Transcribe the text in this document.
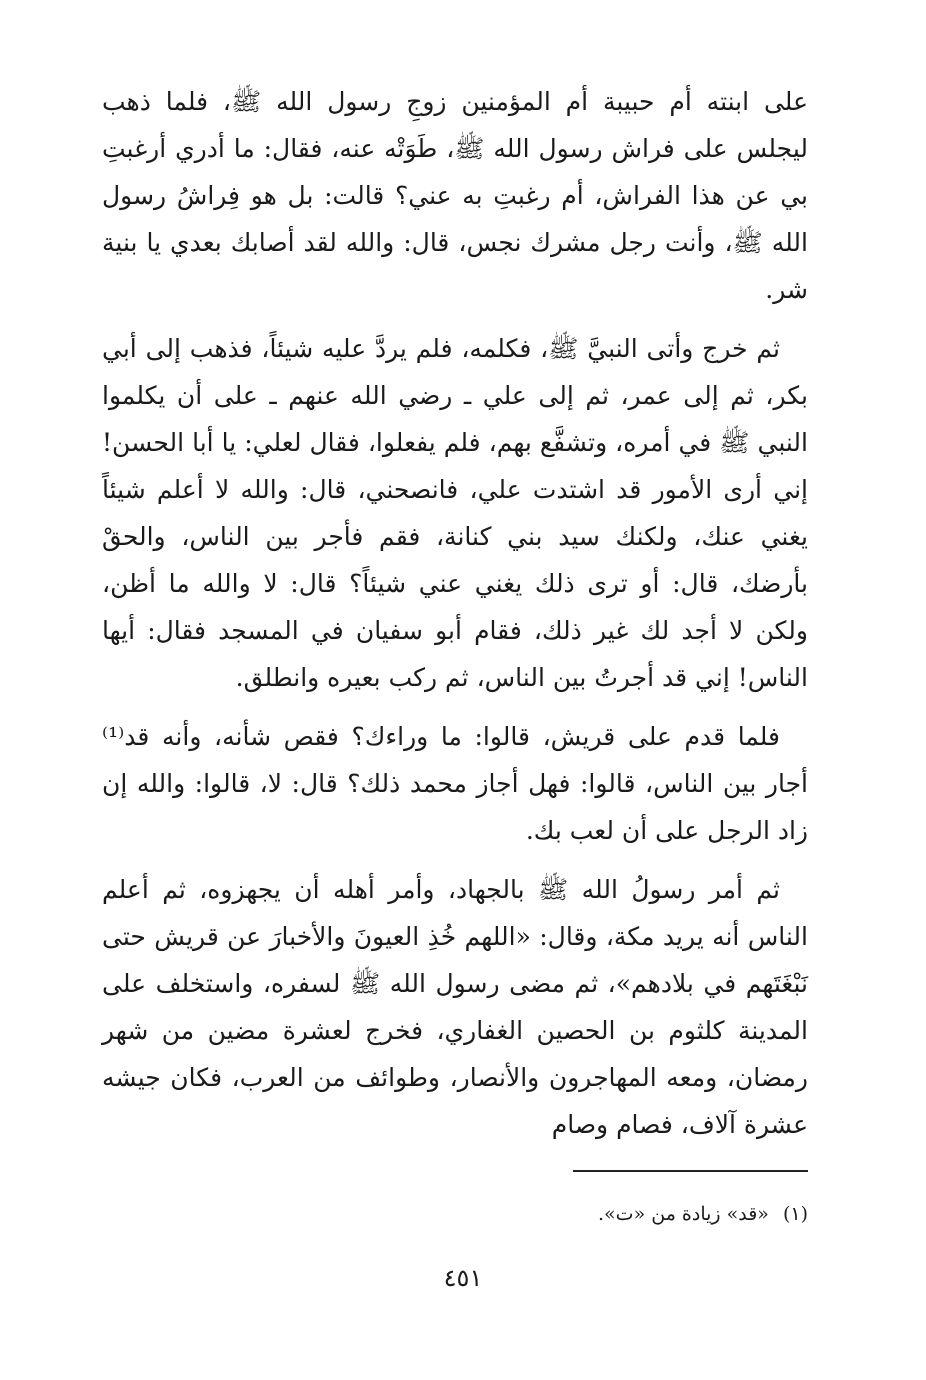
على ابنته أم حبيبة أم المؤمنين زوجِ رسول الله ﷺ، فلما ذهب ليجلس على فراش رسول الله ﷺ، طَوَتْه عنه، فقال: ما أدري أرغبتِ بي عن هذا الفراش، أم رغبتِ به عني؟ قالت: بل هو فِراشُ رسول الله ﷺ، وأنت رجل مشرك نجس، قال: والله لقد أصابك بعدي يا بنية شر.

ثم خرج وأتى النبيَّ ﷺ، فكلمه، فلم يردَّ عليه شيئاً، فذهب إلى أبي بكر، ثم إلى عمر، ثم إلى علي ـ رضي الله عنهم ـ على أن يكلموا النبي ﷺ في أمره، وتشفَّع بهم، فلم يفعلوا، فقال لعلي: يا أبا الحسن! إني أرى الأمور قد اشتدت علي، فانصحني، قال: والله لا أعلم شيئاً يغني عنك، ولكنك سيد بني كنانة، فقم فأجر بين الناس، والحقْ بأرضك، قال: أو ترى ذلك يغني عني شيئاً؟ قال: لا والله ما أظن، ولكن لا أجد لك غير ذلك، فقام أبو سفيان في المسجد فقال: أيها الناس! إني قد أجرتُ بين الناس، ثم ركب بعيره وانطلق.

فلما قدم على قريش، قالوا: ما وراءك؟ فقص شأنه، وأنه قد⁽¹⁾ أجار بين الناس، قالوا: فهل أجاز محمد ذلك؟ قال: لا، قالوا: والله إن زاد الرجل على أن لعب بك.

ثم أمر رسولُ الله ﷺ بالجهاد، وأمر أهله أن يجهزوه، ثم أعلم الناس أنه يريد مكة، وقال: «اللهم خُذِ العيونَ والأخبارَ عن قريش حتى نَبْغَتَهم في بلادهم»، ثم مضى رسول الله ﷺ لسفره، واستخلف على المدينة كلثوم بن الحصين الغفاري، فخرج لعشرة مضين من شهر رمضان، ومعه المهاجرون والأنصار، وطوائف من العرب، فكان جيشه عشرة آلاف، فصام وصام

(١)«قد» زيادة من «ت».
٤٥١
